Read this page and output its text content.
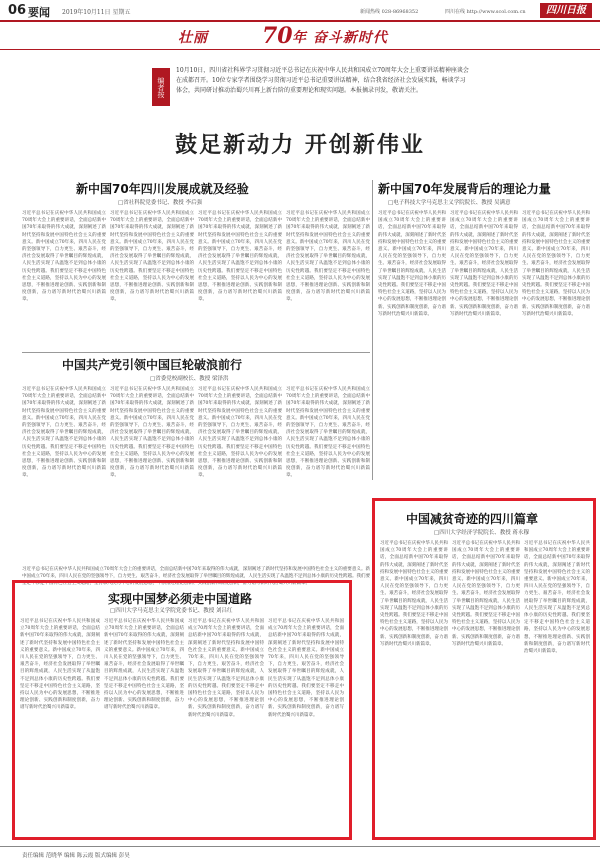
06 要闻 2019年10月11日 星期五	新闻热线 028-86968352	四川在线 http://www.scol.com.cn	四川日报
壮丽 70 年 奋斗新时代
编者按
10月10日，四川省社科界学习贯彻习近平总书记在庆祝中华人民共和国成立70周年大会上重要讲话精神座谈会在成都召开。10位专家学者围绕学习贯彻习近平总书记重要讲话精神，结合我省经济社会发展实践，畅谈学习体会，共同研讨推动治蜀兴川再上新台阶的重要理论和现实问题。本报摘录刊发，敬请关注。
鼓足新动力 开创新伟业
新中国70年四川发展成就及经验
□省社科院党委书记、教授 李后强
习近平总书记在庆祝中华人民共和国成立70周年大会上的重要讲话，全面总结新中国70年来取得的伟大成就，深刻阐述了新时代坚持和发展中国特色社会主义的重要意义。新中国成立70年来，四川人民在党的坚强领导下，自力更生、艰苦奋斗，经济社会发展取得了举世瞩目的辉煌成就，人民生活实现了从温饱不足到总体小康的历史性跨越。我们要坚定不移走中国特色社会主义道路，坚持以人民为中心的发展思想，不断推进理论创新、实践创新和制度创新，奋力谱写新时代治蜀兴川新篇章。
习近平总书记在庆祝中华人民共和国成立70周年大会上的重要讲话，全面总结新中国70年来取得的伟大成就，深刻阐述了新时代坚持和发展中国特色社会主义的重要意义。新中国成立70年来，四川人民在党的坚强领导下，自力更生、艰苦奋斗，经济社会发展取得了举世瞩目的辉煌成就，人民生活实现了从温饱不足到总体小康的历史性跨越。我们要坚定不移走中国特色社会主义道路，坚持以人民为中心的发展思想，不断推进理论创新、实践创新和制度创新，奋力谱写新时代治蜀兴川新篇章。
习近平总书记在庆祝中华人民共和国成立70周年大会上的重要讲话，全面总结新中国70年来取得的伟大成就，深刻阐述了新时代坚持和发展中国特色社会主义的重要意义。新中国成立70年来，四川人民在党的坚强领导下，自力更生、艰苦奋斗，经济社会发展取得了举世瞩目的辉煌成就，人民生活实现了从温饱不足到总体小康的历史性跨越。我们要坚定不移走中国特色社会主义道路，坚持以人民为中心的发展思想，不断推进理论创新、实践创新和制度创新，奋力谱写新时代治蜀兴川新篇章。
习近平总书记在庆祝中华人民共和国成立70周年大会上的重要讲话，全面总结新中国70年来取得的伟大成就，深刻阐述了新时代坚持和发展中国特色社会主义的重要意义。新中国成立70年来，四川人民在党的坚强领导下，自力更生、艰苦奋斗，经济社会发展取得了举世瞩目的辉煌成就，人民生活实现了从温饱不足到总体小康的历史性跨越。我们要坚定不移走中国特色社会主义道路，坚持以人民为中心的发展思想，不断推进理论创新、实践创新和制度创新，奋力谱写新时代治蜀兴川新篇章。
新中国70年发展背后的理论力量
□电子科技大学马克思主义学院院长、教授 吴满意
习近平总书记在庆祝中华人民共和国成立70周年大会上的重要讲话，全面总结新中国70年来取得的伟大成就，深刻阐述了新时代坚持和发展中国特色社会主义的重要意义。新中国成立70年来，四川人民在党的坚强领导下，自力更生、艰苦奋斗，经济社会发展取得了举世瞩目的辉煌成就，人民生活实现了从温饱不足到总体小康的历史性跨越。我们要坚定不移走中国特色社会主义道路，坚持以人民为中心的发展思想，不断推进理论创新、实践创新和制度创新，奋力谱写新时代治蜀兴川新篇章。
习近平总书记在庆祝中华人民共和国成立70周年大会上的重要讲话，全面总结新中国70年来取得的伟大成就，深刻阐述了新时代坚持和发展中国特色社会主义的重要意义。新中国成立70年来，四川人民在党的坚强领导下，自力更生、艰苦奋斗，经济社会发展取得了举世瞩目的辉煌成就，人民生活实现了从温饱不足到总体小康的历史性跨越。我们要坚定不移走中国特色社会主义道路，坚持以人民为中心的发展思想，不断推进理论创新、实践创新和制度创新，奋力谱写新时代治蜀兴川新篇章。
习近平总书记在庆祝中华人民共和国成立70周年大会上的重要讲话，全面总结新中国70年来取得的伟大成就，深刻阐述了新时代坚持和发展中国特色社会主义的重要意义。新中国成立70年来，四川人民在党的坚强领导下，自力更生、艰苦奋斗，经济社会发展取得了举世瞩目的辉煌成就，人民生活实现了从温饱不足到总体小康的历史性跨越。我们要坚定不移走中国特色社会主义道路，坚持以人民为中心的发展思想，不断推进理论创新、实践创新和制度创新，奋力谱写新时代治蜀兴川新篇章。
中国共产党引领中国巨轮破浪前行
□省委党校副校长、教授 梁泽洪
习近平总书记在庆祝中华人民共和国成立70周年大会上的重要讲话，全面总结新中国70年来取得的伟大成就，深刻阐述了新时代坚持和发展中国特色社会主义的重要意义。新中国成立70年来，四川人民在党的坚强领导下，自力更生、艰苦奋斗，经济社会发展取得了举世瞩目的辉煌成就，人民生活实现了从温饱不足到总体小康的历史性跨越。我们要坚定不移走中国特色社会主义道路，坚持以人民为中心的发展思想，不断推进理论创新、实践创新和制度创新，奋力谱写新时代治蜀兴川新篇章。
习近平总书记在庆祝中华人民共和国成立70周年大会上的重要讲话，全面总结新中国70年来取得的伟大成就，深刻阐述了新时代坚持和发展中国特色社会主义的重要意义。新中国成立70年来，四川人民在党的坚强领导下，自力更生、艰苦奋斗，经济社会发展取得了举世瞩目的辉煌成就，人民生活实现了从温饱不足到总体小康的历史性跨越。我们要坚定不移走中国特色社会主义道路，坚持以人民为中心的发展思想，不断推进理论创新、实践创新和制度创新，奋力谱写新时代治蜀兴川新篇章。
习近平总书记在庆祝中华人民共和国成立70周年大会上的重要讲话，全面总结新中国70年来取得的伟大成就，深刻阐述了新时代坚持和发展中国特色社会主义的重要意义。新中国成立70年来，四川人民在党的坚强领导下，自力更生、艰苦奋斗，经济社会发展取得了举世瞩目的辉煌成就，人民生活实现了从温饱不足到总体小康的历史性跨越。我们要坚定不移走中国特色社会主义道路，坚持以人民为中心的发展思想，不断推进理论创新、实践创新和制度创新，奋力谱写新时代治蜀兴川新篇章。
习近平总书记在庆祝中华人民共和国成立70周年大会上的重要讲话，全面总结新中国70年来取得的伟大成就，深刻阐述了新时代坚持和发展中国特色社会主义的重要意义。新中国成立70年来，四川人民在党的坚强领导下，自力更生、艰苦奋斗，经济社会发展取得了举世瞩目的辉煌成就，人民生活实现了从温饱不足到总体小康的历史性跨越。我们要坚定不移走中国特色社会主义道路，坚持以人民为中心的发展思想，不断推进理论创新、实践创新和制度创新，奋力谱写新时代治蜀兴川新篇章。
习近平总书记在庆祝中华人民共和国成立70周年大会上的重要讲话，全面总结新中国70年来取得的伟大成就，深刻阐述了新时代坚持和发展中国特色社会主义的重要意义。新中国成立70年来，四川人民在党的坚强领导下，自力更生、艰苦奋斗，经济社会发展取得了举世瞩目的辉煌成就，人民生活实现了从温饱不足到总体小康的历史性跨越。我们要坚定不移走中国特色社会主义道路，坚持以人民为中心的发展思想，不断推进理论创新、实践创新和制度创新，奋力谱写新时代治蜀兴川新篇章。
中国减贫奇迹的四川篇章
□四川大学经济学院院长、教授 蒋永穆
习近平总书记在庆祝中华人民共和国成立70周年大会上的重要讲话，全面总结新中国70年来取得的伟大成就，深刻阐述了新时代坚持和发展中国特色社会主义的重要意义。新中国成立70年来，四川人民在党的坚强领导下，自力更生、艰苦奋斗，经济社会发展取得了举世瞩目的辉煌成就，人民生活实现了从温饱不足到总体小康的历史性跨越。我们要坚定不移走中国特色社会主义道路，坚持以人民为中心的发展思想，不断推进理论创新、实践创新和制度创新，奋力谱写新时代治蜀兴川新篇章。
习近平总书记在庆祝中华人民共和国成立70周年大会上的重要讲话，全面总结新中国70年来取得的伟大成就，深刻阐述了新时代坚持和发展中国特色社会主义的重要意义。新中国成立70年来，四川人民在党的坚强领导下，自力更生、艰苦奋斗，经济社会发展取得了举世瞩目的辉煌成就，人民生活实现了从温饱不足到总体小康的历史性跨越。我们要坚定不移走中国特色社会主义道路，坚持以人民为中心的发展思想，不断推进理论创新、实践创新和制度创新，奋力谱写新时代治蜀兴川新篇章。
习近平总书记在庆祝中华人民共和国成立70周年大会上的重要讲话，全面总结新中国70年来取得的伟大成就，深刻阐述了新时代坚持和发展中国特色社会主义的重要意义。新中国成立70年来，四川人民在党的坚强领导下，自力更生、艰苦奋斗，经济社会发展取得了举世瞩目的辉煌成就，人民生活实现了从温饱不足到总体小康的历史性跨越。我们要坚定不移走中国特色社会主义道路，坚持以人民为中心的发展思想，不断推进理论创新、实践创新和制度创新，奋力谱写新时代治蜀兴川新篇章。
实现中国梦必须走中国道路
□四川大学马克思主义学院党委书记、教授 刘吕红
习近平总书记在庆祝中华人民共和国成立70周年大会上的重要讲话，全面总结新中国70年来取得的伟大成就，深刻阐述了新时代坚持和发展中国特色社会主义的重要意义。新中国成立70年来，四川人民在党的坚强领导下，自力更生、艰苦奋斗，经济社会发展取得了举世瞩目的辉煌成就，人民生活实现了从温饱不足到总体小康的历史性跨越。我们要坚定不移走中国特色社会主义道路，坚持以人民为中心的发展思想，不断推进理论创新、实践创新和制度创新，奋力谱写新时代治蜀兴川新篇章。
习近平总书记在庆祝中华人民共和国成立70周年大会上的重要讲话，全面总结新中国70年来取得的伟大成就，深刻阐述了新时代坚持和发展中国特色社会主义的重要意义。新中国成立70年来，四川人民在党的坚强领导下，自力更生、艰苦奋斗，经济社会发展取得了举世瞩目的辉煌成就，人民生活实现了从温饱不足到总体小康的历史性跨越。我们要坚定不移走中国特色社会主义道路，坚持以人民为中心的发展思想，不断推进理论创新、实践创新和制度创新，奋力谱写新时代治蜀兴川新篇章。
习近平总书记在庆祝中华人民共和国成立70周年大会上的重要讲话，全面总结新中国70年来取得的伟大成就，深刻阐述了新时代坚持和发展中国特色社会主义的重要意义。新中国成立70年来，四川人民在党的坚强领导下，自力更生、艰苦奋斗，经济社会发展取得了举世瞩目的辉煌成就，人民生活实现了从温饱不足到总体小康的历史性跨越。我们要坚定不移走中国特色社会主义道路，坚持以人民为中心的发展思想，不断推进理论创新、实践创新和制度创新，奋力谱写新时代治蜀兴川新篇章。
习近平总书记在庆祝中华人民共和国成立70周年大会上的重要讲话，全面总结新中国70年来取得的伟大成就，深刻阐述了新时代坚持和发展中国特色社会主义的重要意义。新中国成立70年来，四川人民在党的坚强领导下，自力更生、艰苦奋斗，经济社会发展取得了举世瞩目的辉煌成就，人民生活实现了从温饱不足到总体小康的历史性跨越。我们要坚定不移走中国特色社会主义道路，坚持以人民为中心的发展思想，不断推进理论创新、实践创新和制度创新，奋力谱写新时代治蜀兴川新篇章。
责任编辑 范晓华 编辑 陈云霞 版式编辑 彭昊
